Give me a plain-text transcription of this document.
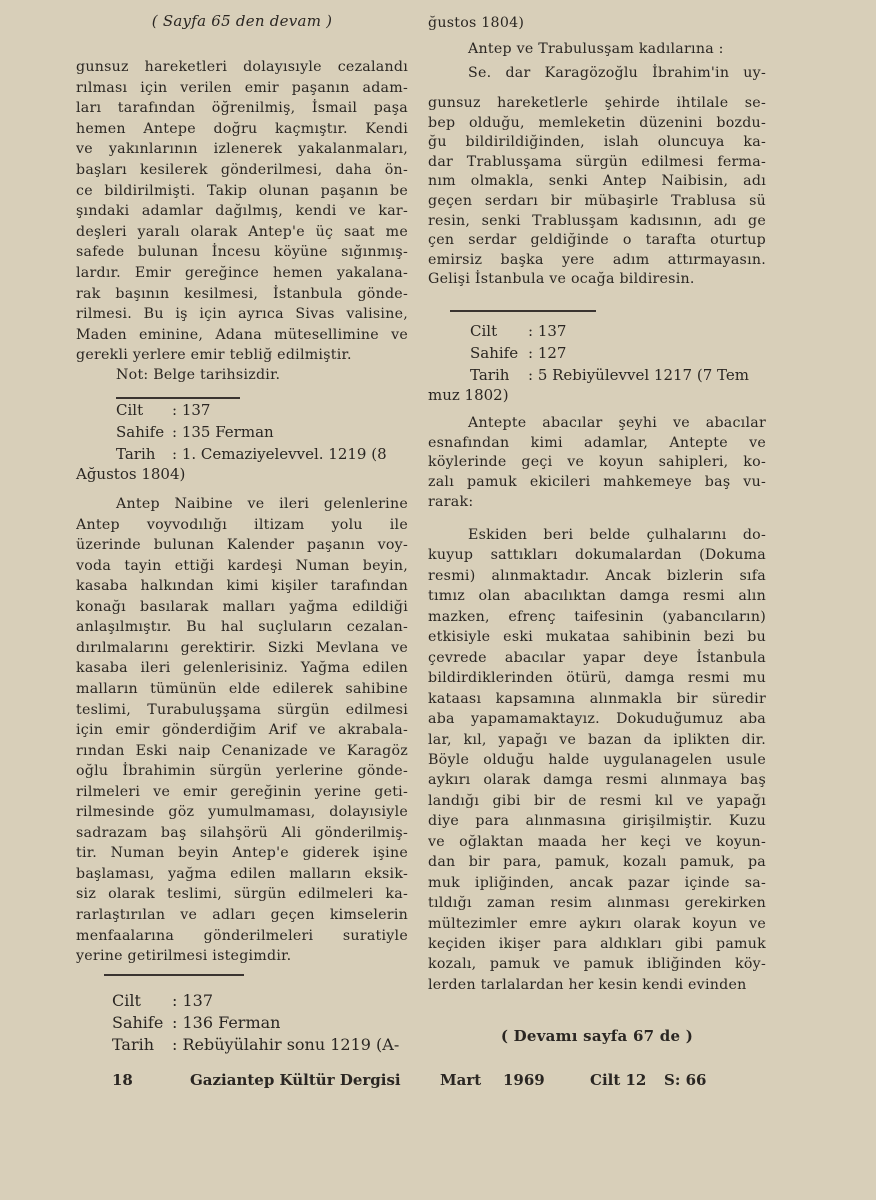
( Sayfa 65 den devam )
gunsuz hareketleri dolayısıyle cezalandı
rılması için verilen emir paşanın adam-
ları tarafından öğrenilmiş, İsmail paşa
hemen Antepe doğru kaçmıştır. Kendi
ve yakınlarının izlenerek yakalanmaları,
başları kesilerek gönderilmesi, daha ön-
ce bildirilmişti. Takip olunan paşanın be
şındaki adamlar dağılmış, kendi ve kar-
deşleri yaralı olarak Antep'e üç saat me
safede bulunan İncesu köyüne sığınmış-
lardır. Emir gereğince hemen yakalana-
rak başının kesilmesi, İstanbula gönde-
rilmesi. Bu iş için ayrıca Sivas valisine,
Maden eminine, Adana mütesellimine ve
gerekli yerlere emir tebliğ edilmiştir.
Not: Belge tarihsizdir.
Cilt : 137
Sahife : 135 Ferman
Tarih : 1. Cemaziyelevvel. 1219 (8
Ağustos 1804)
Antep Naibine ve ileri gelenlerine
Antep voyvodılığı iltizam yolu ile
üzerinde bulunan Kalender paşanın voy-
voda tayin ettiği kardeşi Numan beyin,
kasaba halkından kimi kişiler tarafından
konağı basılarak malları yağma edildiği
anlaşılmıştır. Bu hal suçluların cezalan-
dırılmalarını gerektirir. Sizki Mevlana ve
kasaba ileri gelenlerisiniz. Yağma edilen
malların tümünün elde edilerek sahibine
teslimi, Turabuluşşama sürgün edilmesi
için emir gönderdiğim Arif ve akrabala-
rından Eski naip Cenanizade ve Karagöz
oğlu İbrahimin sürgün yerlerine gönde-
rilmeleri ve emir gereğinin yerine geti-
rilmesinde göz yumulmaması, dolayısiyle
sadrazam baş silahşörü Ali gönderilmiş-
tir. Numan beyin Antep'e giderek işine
başlaması, yağma edilen malların eksik-
siz olarak teslimi, sürgün edilmeleri ka-
rarlaştırılan ve adları geçen kimselerin
menfaalarına gönderilmeleri suratiyle
yerine getirilmesi istegimdir.
Cilt : 137
Sahife : 136 Ferman
Tarih : Rebüyülahir sonu 1219 (A-
ğustos 1804)
Antep ve Trabulusşam kadılarına :
Se. dar Karagözoğlu İbrahim'in uy-
gunsuz hareketlerle şehirde ihtilale se-
bep olduğu, memleketin düzenini bozdu-
ğu bildirildiğinden, islah oluncuya ka-
dar Trablusşama sürgün edilmesi ferma-
nım olmakla, senki Antep Naibisin, adı
geçen serdarı bir mübaşirle Trablusa sü
resin, senki Trablusşam kadısının, adı ge
çen serdar geldiğinde o tarafta oturtup
emirsiz başka yere adım attırmayasın.
Gelişi İstanbula ve ocağa bildiresin.
Cilt : 137
Sahife : 127
Tarih : 5 Rebiyülevvel 1217 (7 Tem
muz 1802)
Antepte abacılar şeyhi ve abacılar
esnafından kimi adamlar, Antepte ve
köylerinde geçi ve koyun sahipleri, ko-
zalı pamuk ekicileri mahkemeye baş vu-
rarak:
Eskiden beri belde çulhalarını do-
kuyup sattıkları dokumalardan (Dokuma
resmi) alınmaktadır. Ancak bizlerin sıfa
tımız olan abacılıktan damga resmi alın
mazken, efrenç taifesinin (yabancıların)
etkisiyle eski mukataa sahibinin bezi bu
çevrede abacılar yapar deye İstanbula
bildirdiklerinden ötürü, damga resmi mu
kataası kapsamına alınmakla bir süredir
aba yapamamaktayız. Dokuduğumuz aba
lar, kıl, yapağı ve bazan da iplikten dir.
Böyle olduğu halde uygulanagelen usule
aykırı olarak damga resmi alınmaya baş
landığı gibi bir de resmi kıl ve yapağı
diye para alınmasına girişilmiştir. Kuzu
ve oğlaktan maada her keçi ve koyun-
dan bir para, pamuk, kozalı pamuk, pa
muk ipliğinden, ancak pazar içinde sa-
tıldığı zaman resim alınması gerekirken
mültezimler emre aykırı olarak koyun ve
keçiden ikişer para aldıkları gibi pamuk
kozalı, pamuk ve pamuk ibliğinden köy-
lerden tarlalardan her kesin kendi evinden
( Devamı sayfa 67 de )
18	Gaziantep Kültür Dergisi	Mart 1969	Cilt 12 S: 66
